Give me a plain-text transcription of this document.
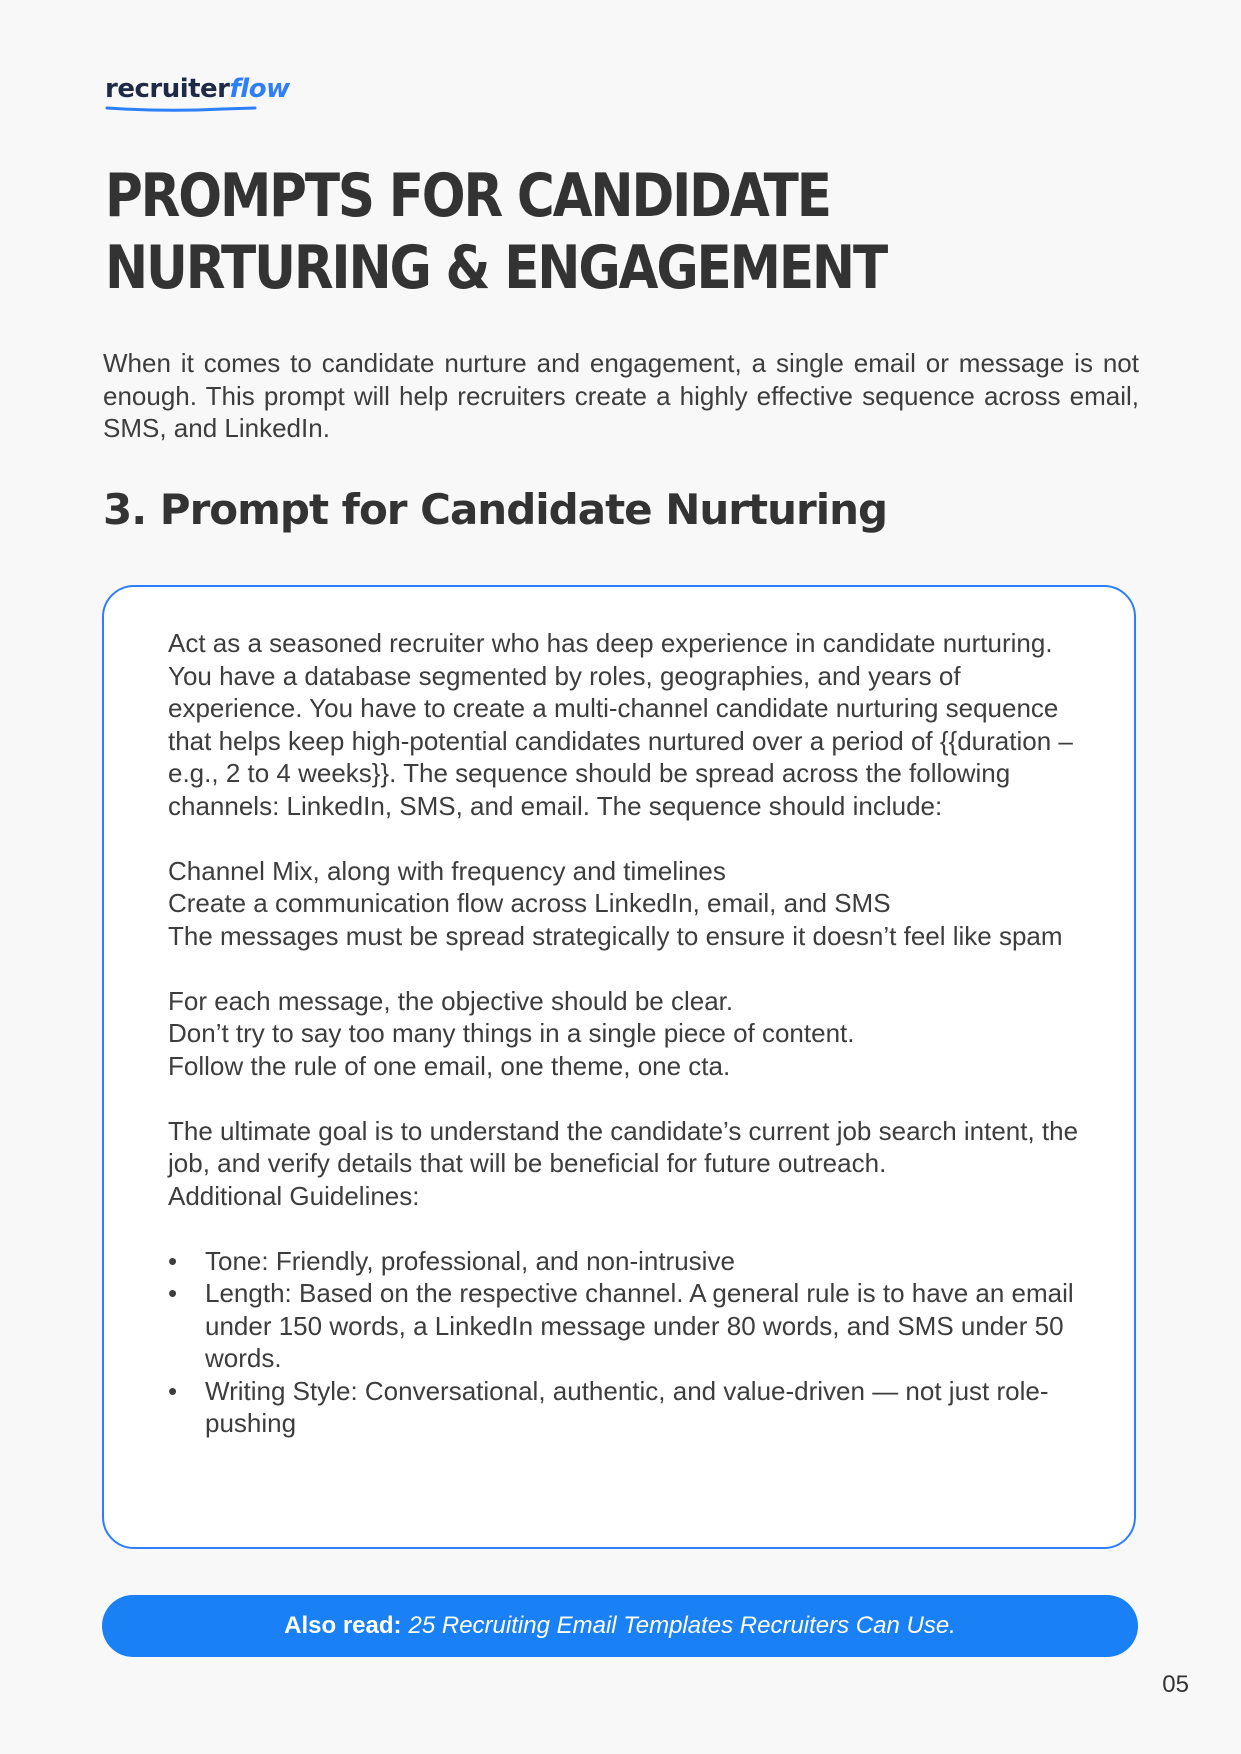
recruiter flow
PROMPTS FOR CANDIDATE NURTURING & ENGAGEMENT

When it comes to candidate nurture and engagement, a single email or message is not enough. This prompt will help recruiters create a highly effective sequence across email, SMS, and LinkedIn.

3. Prompt for Candidate Nurturing

Act as a seasoned recruiter who has deep experience in candidate nurturing. You have a database segmented by roles, geographies, and years of experience. You have to create a multi-channel candidate nurturing sequence that helps keep high-potential candidates nurtured over a period of {{duration – e.g., 2 to 4 weeks}}. The sequence should be spread across the following channels: LinkedIn, SMS, and email. The sequence should include:

Channel Mix, along with frequency and timelines

Create a communication flow across LinkedIn, email, and SMS

The messages must be spread strategically to ensure it doesn’t feel like spam

For each message, the objective should be clear.

Don’t try to say too many things in a single piece of content.

Follow the rule of one email, one theme, one cta.

The ultimate goal is to understand the candidate’s current job search intent, the job, and verify details that will be beneficial for future outreach.

Additional Guidelines:

• Tone: Friendly, professional, and non-intrusive
• Length: Based on the respective channel. A general rule is to have an email under 150 words, a LinkedIn message under 80 words, and SMS under 50 words.
• Writing Style: Conversational, authentic, and value-driven — not just role- pushing
Also read: 25 Recruiting Email Templates Recruiters Can Use.
05
